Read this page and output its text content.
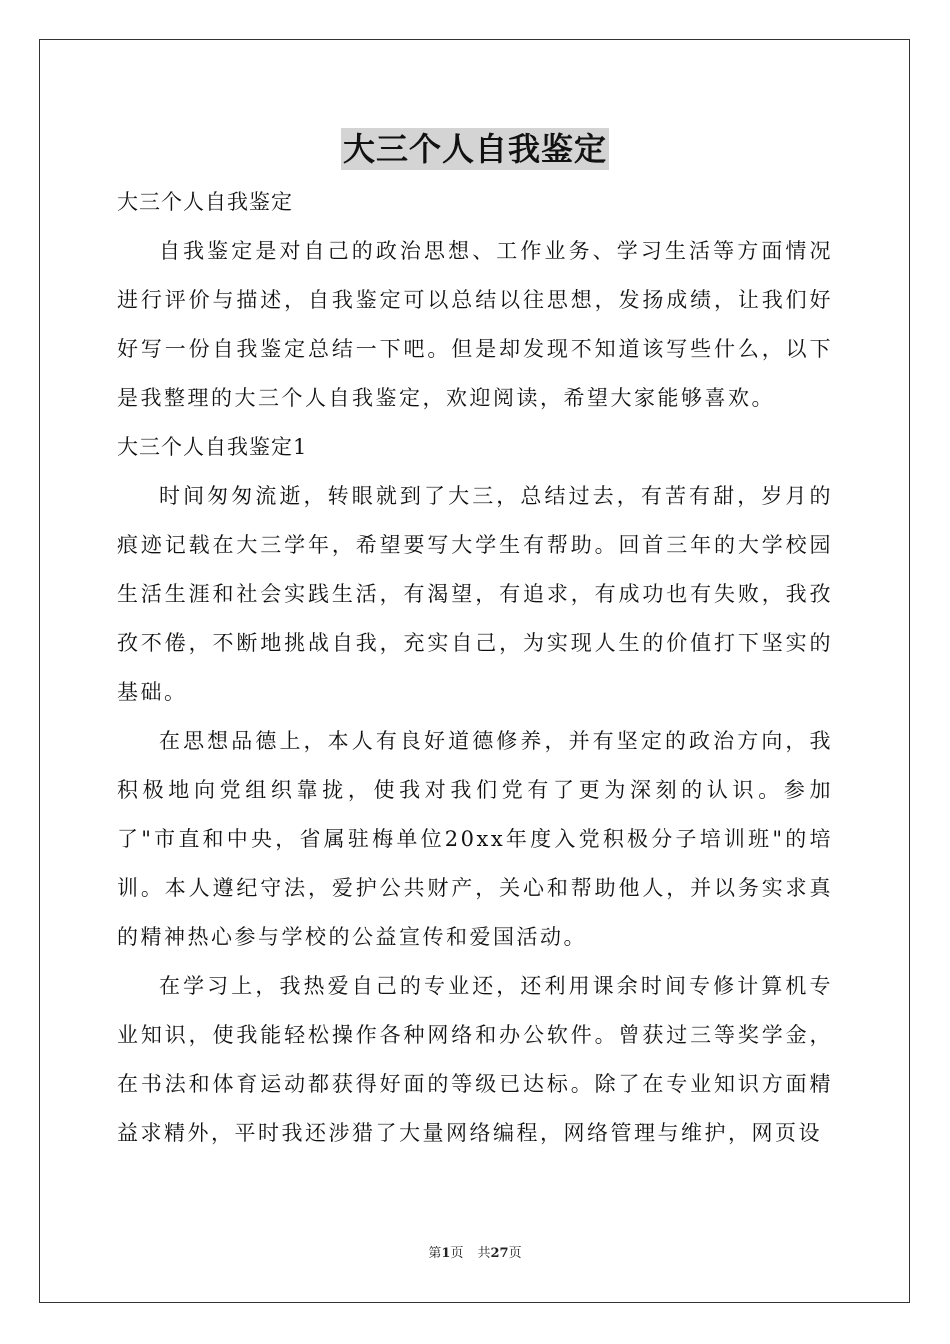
大三个人自我鉴定

大三个人自我鉴定

自我鉴定是对自己的政治思想、工作业务、学习生活等方面情况进行评价与描述，自我鉴定可以总结以往思想，发扬成绩，让我们好好写一份自我鉴定总结一下吧。但是却发现不知道该写些什么，以下是我整理的大三个人自我鉴定，欢迎阅读，希望大家能够喜欢。

大三个人自我鉴定1

时间匆匆流逝，转眼就到了大三，总结过去，有苦有甜，岁月的痕迹记载在大三学年，希望要写大学生有帮助。回首三年的大学校园生活生涯和社会实践生活，有渴望，有追求，有成功也有失败，我孜孜不倦，不断地挑战自我，充实自己，为实现人生的价值打下坚实的基础。

在思想品德上，本人有良好道德修养，并有坚定的政治方向，我积极地向党组织靠拢，使我对我们党有了更为深刻的认识。参加了"市直和中央，省属驻梅单位20xx年度入党积极分子培训班"的培训。本人遵纪守法，爱护公共财产，关心和帮助他人，并以务实求真的精神热心参与学校的公益宣传和爱国活动。

在学习上，我热爱自己的专业还，还利用课余时间专修计算机专业知识，使我能轻松操作各种网络和办公软件。曾获过三等奖学金，在书法和体育运动都获得好面的等级已达标。除了在专业知识方面精益求精外，平时我还涉猎了大量网络编程，网络管理与维护，网页设

第1页 共27页
